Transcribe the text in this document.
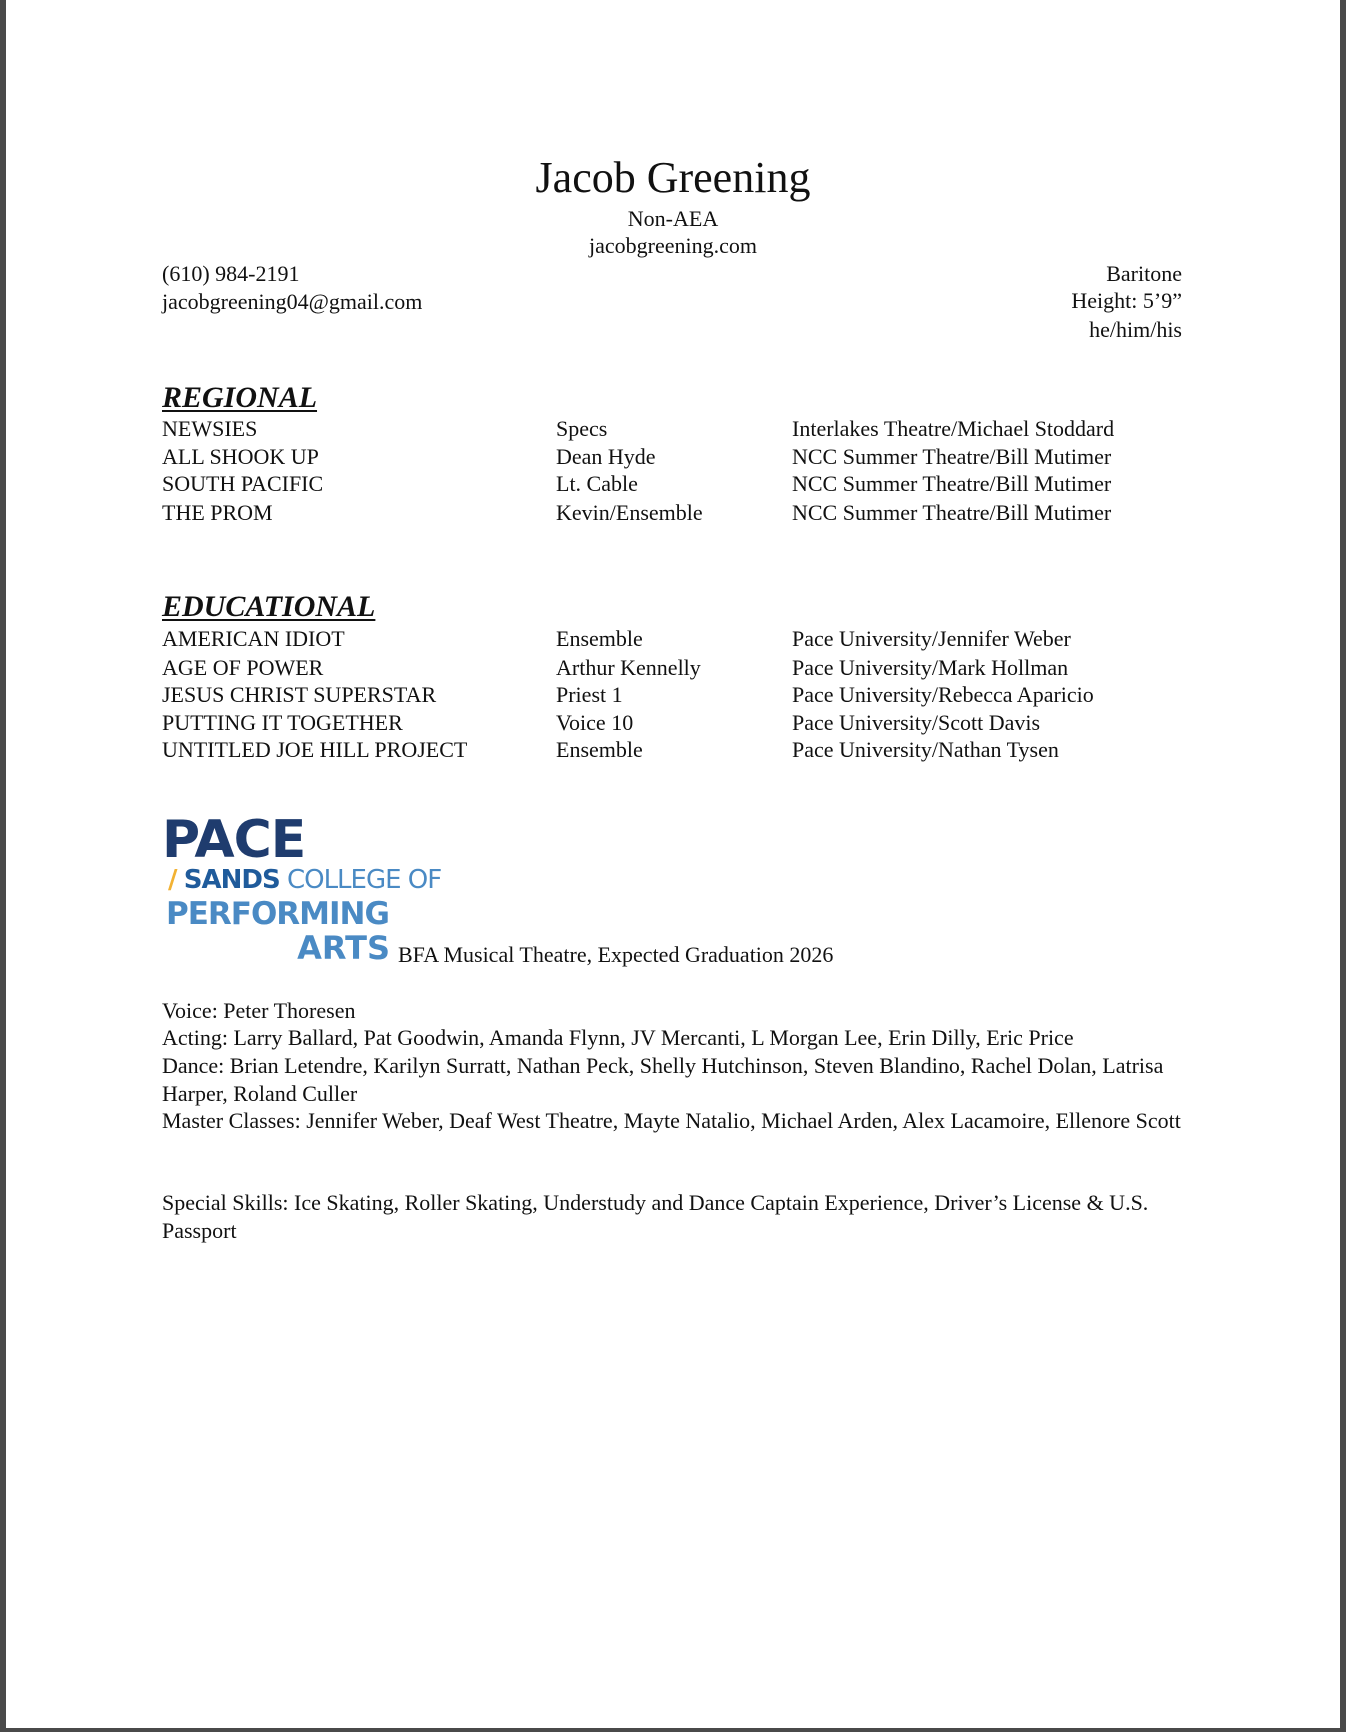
Jacob Greening
Non-AEA
jacobgreening.com
(610) 984-2191
jacobgreening04@gmail.com
Baritone
Height: 5’9”
he/him/his
REGIONAL
NEWSIES	Specs	Interlakes Theatre/Michael Stoddard
ALL SHOOK UP	Dean Hyde	NCC Summer Theatre/Bill Mutimer
SOUTH PACIFIC	Lt. Cable	NCC Summer Theatre/Bill Mutimer
THE PROM	Kevin/Ensemble	NCC Summer Theatre/Bill Mutimer
EDUCATIONAL
AMERICAN IDIOT	Ensemble	Pace University/Jennifer Weber
AGE OF POWER	Arthur Kennelly	Pace University/Mark Hollman
JESUS CHRIST SUPERSTAR	Priest 1	Pace University/Rebecca Aparicio
PUTTING IT TOGETHER	Voice 10	Pace University/Scott Davis
UNTITLED JOE HILL PROJECT	Ensemble	Pace University/Nathan Tysen
PACE
/ SANDS COLLEGE OF
PERFORMING
ARTS BFA Musical Theatre, Expected Graduation 2026
Voice: Peter Thoresen
Acting: Larry Ballard, Pat Goodwin, Amanda Flynn, JV Mercanti, L Morgan Lee, Erin Dilly, Eric Price
Dance: Brian Letendre, Karilyn Surratt, Nathan Peck, Shelly Hutchinson, Steven Blandino, Rachel Dolan, Latrisa Harper, Roland Culler
Master Classes: Jennifer Weber, Deaf West Theatre, Mayte Natalio, Michael Arden, Alex Lacamoire, Ellenore Scott
Special Skills: Ice Skating, Roller Skating, Understudy and Dance Captain Experience, Driver’s License & U.S. Passport
